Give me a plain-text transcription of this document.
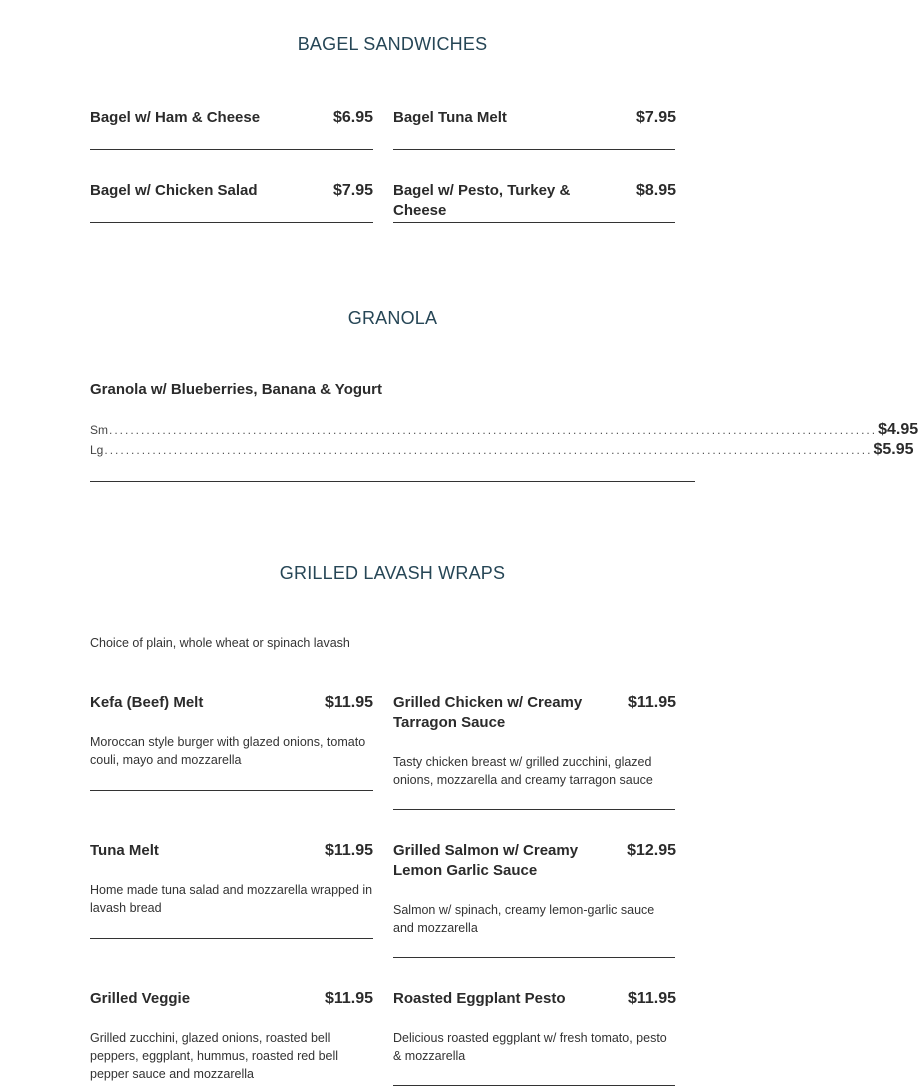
BAGEL SANDWICHES
Bagel w/ Ham & Cheese	$6.95 Bagel Tuna Melt	$7.95
Bagel w/ Chicken Salad	$7.95 Bagel w/ Pesto, Turkey & Cheese
$8.95
GRANOLA
Granola w/ Blueberries, Banana & Yogurt
Sm ................................................................................................................................................ $4.95
Lg ................................................................................................................................................ $5.95
GRILLED LAVASH WRAPS
Choice of plain, whole wheat or spinach lavash
Kefa (Beef) Melt	$11.95
Moroccan style burger with glazed onions, tomato couli, mayo and mozzarella
Grilled Chicken w/ Creamy Tarragon Sauce
$11.95
Tasty chicken breast w/ grilled zucchini, glazed onions, mozzarella and creamy tarragon sauce
Tuna Melt	$11.95
Home made tuna salad and mozzarella wrapped in lavash bread
Grilled Salmon w/ Creamy Lemon Garlic Sauce
$12.95
Salmon w/ spinach, creamy lemon-garlic sauce and mozzarella
Grilled Veggie	$11.95
Grilled zucchini, glazed onions, roasted bell peppers, eggplant, hummus, roasted red bell pepper sauce and mozzarella
Roasted Eggplant Pesto	$11.95
Delicious roasted eggplant w/ fresh tomato, pesto & mozzarella
